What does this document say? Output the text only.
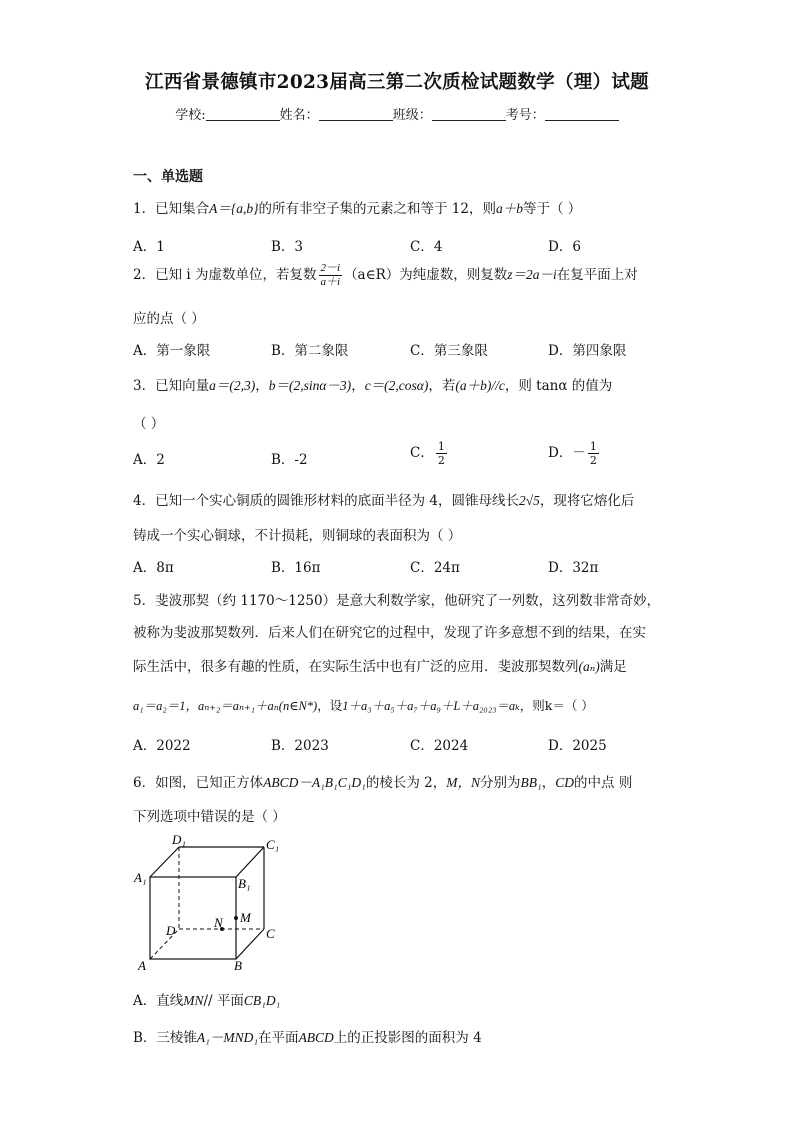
江西省景德镇市2023届高三第二次质检试题数学（理）试题
学校:	姓名：	班级：	考号：
一、单选题
1．已知集合A＝{a,b}的所有非空子集的元素之和等于 12，则a＋b等于（ ）
A．1	B．3	C．4	D．6
2．已知 i 为虚数单位，若复数 $\frac{2-i}{a+i}$ （a∈R）为纯虚数，则复数z＝2a－i在复平面上对
应的点（ ）
A．第一象限	B．第二象限	C．第三象限	D．第四象限
3．已知向量a＝(2,3)，b＝(2,sinα－3)，c＝(2,cosα)，若(a＋b)//c，则 tanα 的值为
（ ）
A．2	B．-2	C． $\frac{1}{2}$	D．－ $\frac{1}{2}$
4．已知一个实心铜质的圆锥形材料的底面半径为 4，圆锥母线长2√5，现将它熔化后
铸成一个实心铜球，不计损耗，则铜球的表面积为（ ）
A．8π	B．16π	C．24π	D．32π
5．斐波那契（约 1170～1250）是意大利数学家，他研究了一列数，这列数非常奇妙，
被称为斐波那契数列．后来人们在研究它的过程中，发现了许多意想不到的结果，在实
际生活中，很多有趣的性质，在实际生活中也有广泛的应用．斐波那契数列(aₙ)满足
a₁＝a₂＝1，aₙ₊₂＝aₙ₊₁＋aₙ(n∈N*)，设1＋a₃＋a₅＋a₇＋a₉＋L＋a₂₀₂₃＝aₖ，则k＝（ ）
A．2022	B．2023	C．2024	D．2025
6．如图，已知正方体ABCD－A₁B₁C₁D₁的棱长为 2，M，N分别为BB₁，CD的中点 则
下列选项中错误的是（ ）
D₁	C₁
A₁	B₁
N M
D	C
A	B
A．直线MN// 平面CB₁D₁
B．三棱锥A₁－MND₁在平面ABCD上的正投影图的面积为 4
